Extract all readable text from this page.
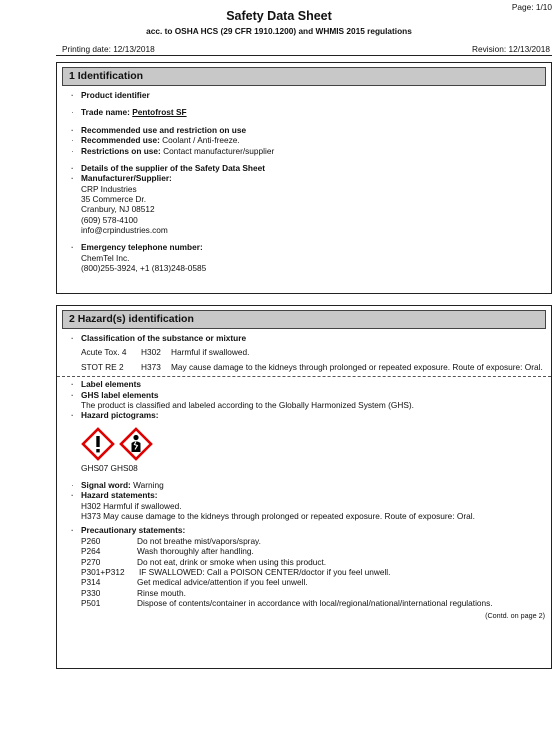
Page: 1/10
Safety Data Sheet
acc. to OSHA HCS (29 CFR 1910.1200) and WHMIS 2015 regulations
Printing date: 12/13/2018	Revision: 12/13/2018
1 Identification
· Product identifier
· Trade name: Pentofrost SF
· Recommended use and restriction on use
· Recommended use: Coolant / Anti-freeze.
· Restrictions on use: Contact manufacturer/supplier
· Details of the supplier of the Safety Data Sheet
· Manufacturer/Supplier:
CRP Industries
35 Commerce Dr.
Cranbury, NJ 08512
(609) 578-4100
info@crpindustries.com
· Emergency telephone number:
ChemTel Inc.
(800)255-3924, +1 (813)248-0585
2 Hazard(s) identification
· Classification of the substance or mixture
Acute Tox. 4	H302	Harmful if swallowed.
STOT RE 2	H373	May cause damage to the kidneys through prolonged or repeated exposure. Route of exposure: Oral.
· Label elements
· GHS label elements
The product is classified and labeled according to the Globally Harmonized System (GHS).
· Hazard pictograms:
GHS07 GHS08
· Signal word: Warning
· Hazard statements:
H302 Harmful if swallowed.
H373 May cause damage to the kidneys through prolonged or repeated exposure. Route of exposure: Oral.
· Precautionary statements:
P260	Do not breathe mist/vapors/spray.
P264	Wash thoroughly after handling.
P270	Do not eat, drink or smoke when using this product.
P301+P312	IF SWALLOWED: Call a POISON CENTER/doctor if you feel unwell.
P314	Get medical advice/attention if you feel unwell.
P330	Rinse mouth.
P501	Dispose of contents/container in accordance with local/regional/national/international regulations.
(Contd. on page 2)
